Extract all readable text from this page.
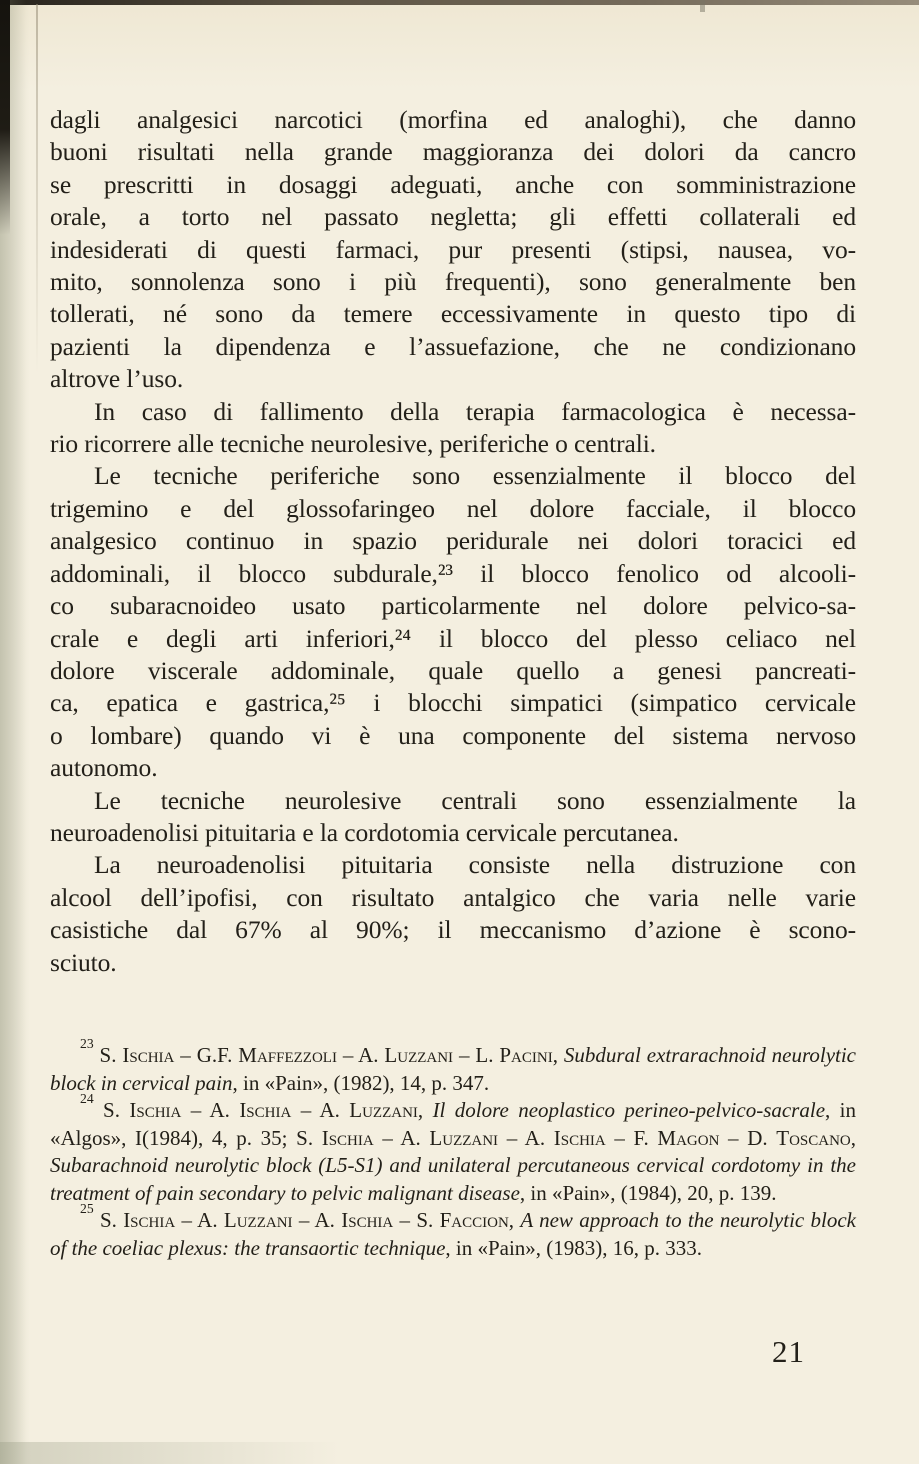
dagli analgesici narcotici (morfina ed analoghi), che danno
buoni risultati nella grande maggioranza dei dolori da cancro
se prescritti in dosaggi adeguati, anche con somministrazione
orale, a torto nel passato negletta; gli effetti collaterali ed
indesiderati di questi farmaci, pur presenti (stipsi, nausea, vo-
mito, sonnolenza sono i più frequenti), sono generalmente ben
tollerati, né sono da temere eccessivamente in questo tipo di
pazienti la dipendenza e l’assuefazione, che ne condizionano
altrove l’uso.
In caso di fallimento della terapia farmacologica è necessa-
rio ricorrere alle tecniche neurolesive, periferiche o centrali.
Le tecniche periferiche sono essenzialmente il blocco del
trigemino e del glossofaringeo nel dolore facciale, il blocco
analgesico continuo in spazio peridurale nei dolori toracici ed
addominali, il blocco subdurale,²³ il blocco fenolico od alcooli-
co subaracnoideo usato particolarmente nel dolore pelvico-sa-
crale e degli arti inferiori,²⁴ il blocco del plesso celiaco nel
dolore viscerale addominale, quale quello a genesi pancreati-
ca, epatica e gastrica,²⁵ i blocchi simpatici (simpatico cervicale
o lombare) quando vi è una componente del sistema nervoso
autonomo.
Le tecniche neurolesive centrali sono essenzialmente la
neuroadenolisi pituitaria e la cordotomia cervicale percutanea.
La neuroadenolisi pituitaria consiste nella distruzione con
alcool dell’ipofisi, con risultato antalgico che varia nelle varie
casistiche dal 67% al 90%; il meccanismo d’azione è scono-
sciuto.

$^{23}$ S. Ischia – G.F. Maffezzoli – A. Luzzani – L. Pacini, Subdural extrarachnoid neurolytic block in cervical pain, in «Pain», (1982), 14, p. 347.

$^{24}$ S. Ischia – A. Ischia – A. Luzzani, Il dolore neoplastico perineo-pelvico-sacrale, in «Algos», I(1984), 4, p. 35; S. Ischia – A. Luzzani – A. Ischia – F. Magon – D. Toscano, Subarachnoid neurolytic block (L5-S1) and unilateral percutaneous cervical cordotomy in the treatment of pain secondary to pelvic malignant disease, in «Pain», (1984), 20, p. 139.

$^{25}$ S. Ischia – A. Luzzani – A. Ischia – S. Faccion, A new approach to the neurolytic block of the coeliac plexus: the transaortic technique, in «Pain», (1983), 16, p. 333.

21
